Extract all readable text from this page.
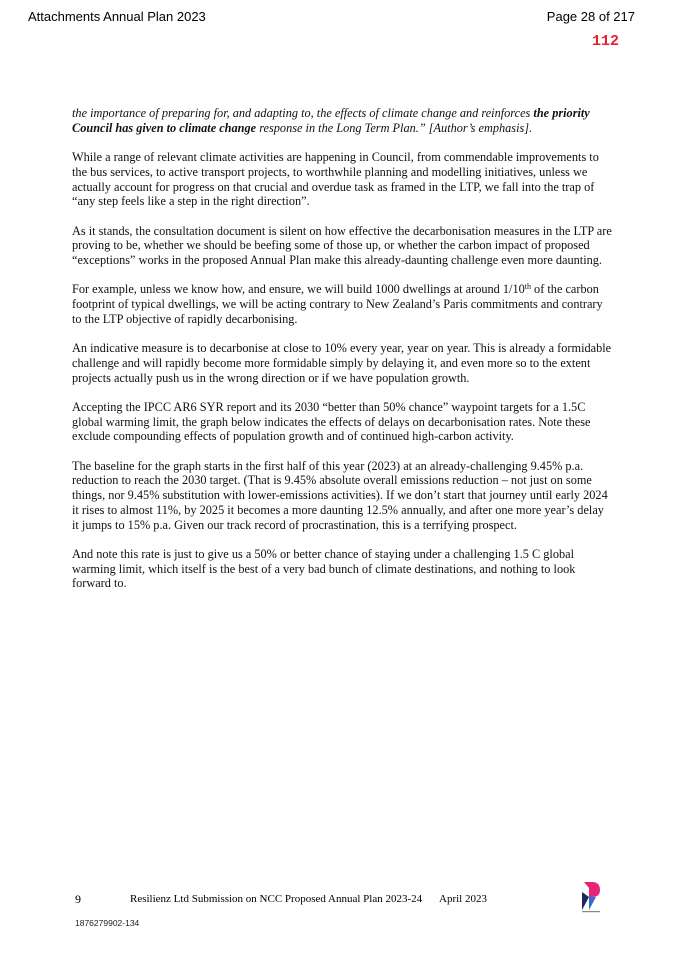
Attachments Annual Plan 2023	Page 28 of 217
112

the importance of preparing for, and adapting to, the effects of climate change and reinforces the priority Council has given to climate change response in the Long Term Plan.” [Author’s emphasis].

While a range of relevant climate activities are happening in Council, from commendable improvements to the bus services, to active transport projects, to worthwhile planning and modelling initiatives, unless we actually account for progress on that crucial and overdue task as framed in the LTP, we fall into the trap of “any step feels like a step in the right direction”.

As it stands, the consultation document is silent on how effective the decarbonisation measures in the LTP are proving to be, whether we should be beefing some of those up, or whether the carbon impact of proposed “exceptions” works in the proposed Annual Plan make this already-daunting challenge even more daunting.

For example, unless we know how, and ensure, we will build 1000 dwellings at around 1/10th of the carbon footprint of typical dwellings, we will be acting contrary to New Zealand’s Paris commitments and contrary to the LTP objective of rapidly decarbonising.

An indicative measure is to decarbonise at close to 10% every year, year on year. This is already a formidable challenge and will rapidly become more formidable simply by delaying it, and even more so to the extent projects actually push us in the wrong direction or if we have population growth.

Accepting the IPCC AR6 SYR report and its 2030 “better than 50% chance” waypoint targets for a 1.5C global warming limit, the graph below indicates the effects of delays on decarbonisation rates. Note these exclude compounding effects of population growth and of continued high-carbon activity.

The baseline for the graph starts in the first half of this year (2023) at an already-challenging 9.45% p.a. reduction to reach the 2030 target. (That is 9.45% absolute overall emissions reduction – not just on some things, nor 9.45% substitution with lower-emissions activities). If we don’t start that journey until early 2024 it rises to almost 11%, by 2025 it becomes a more daunting 12.5% annually, and after one more year’s delay it jumps to 15% p.a. Given our track record of procrastination, this is a terrifying prospect.

And note this rate is just to give us a 50% or better chance of staying under a challenging 1.5 C global warming limit, which itself is the best of a very bad bunch of climate destinations, and nothing to look forward to.

9	Resilienz Ltd Submission on NCC Proposed Annual Plan 2023-24 April 2023
1876279902-134
